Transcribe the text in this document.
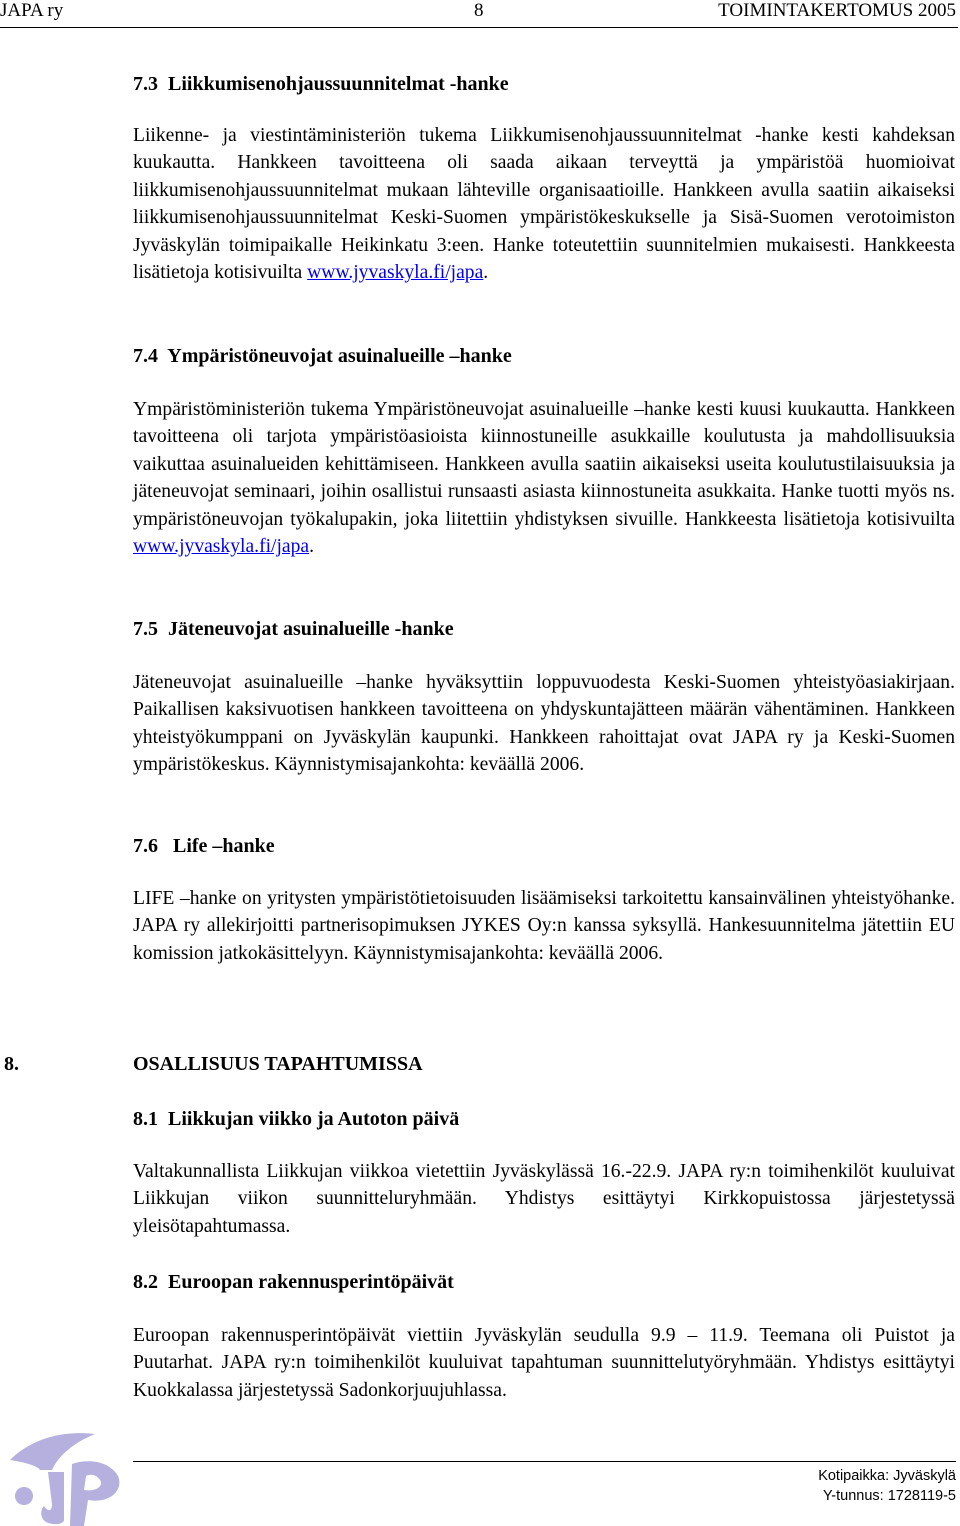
JAPA ry	8	TOIMINTAKERTOMUS 2005
7.3 Liikkumisenohjaussuunnitelmat -hanke
Liikenne- ja viestintäministeriön tukema Liikkumisenohjaussuunnitelmat -hanke kesti kahdeksan kuukautta. Hankkeen tavoitteena oli saada aikaan terveyttä ja ympäristöä huomioivat liikkumisenohjaussuunnitelmat mukaan lähteville organisaatioille. Hankkeen avulla saatiin aikaiseksi liikkumisenohjaussuunnitelmat Keski-Suomen ympäristökeskukselle ja Sisä-Suomen verotoimiston Jyväskylän toimipaikalle Heikinkatu 3:een. Hanke toteutettiin suunnitelmien mukaisesti. Hankkeesta lisätietoja kotisivuilta www.jyvaskyla.fi/japa.
7.4 Ympäristöneuvojat asuinalueille –hanke
Ympäristöministeriön tukema Ympäristöneuvojat asuinalueille –hanke kesti kuusi kuukautta. Hankkeen tavoitteena oli tarjota ympäristöasioista kiinnostuneille asukkaille koulutusta ja mahdollisuuksia vaikuttaa asuinalueiden kehittämiseen. Hankkeen avulla saatiin aikaiseksi useita koulutustilaisuuksia ja jäteneuvojat seminaari, joihin osallistui runsaasti asiasta kiinnostuneita asukkaita. Hanke tuotti myös ns. ympäristöneuvojan työkalupakin, joka liitettiin yhdistyksen sivuille. Hankkeesta lisätietoja kotisivuilta www.jyvaskyla.fi/japa.
7.5 Jäteneuvojat asuinalueille -hanke
Jäteneuvojat asuinalueille –hanke hyväksyttiin loppuvuodesta Keski-Suomen yhteistyöasiakirjaan. Paikallisen kaksivuotisen hankkeen tavoitteena on yhdyskuntajätteen määrän vähentäminen. Hankkeen yhteistyökumppani on Jyväskylän kaupunki. Hankkeen rahoittajat ovat JAPA ry ja Keski-Suomen ympäristökeskus. Käynnistymisajankohta: keväällä 2006.
7.6 Life –hanke
LIFE –hanke on yritysten ympäristötietoisuuden lisäämiseksi tarkoitettu kansainvälinen yhteistyöhanke. JAPA ry allekirjoitti partnerisopimuksen JYKES Oy:n kanssa syksyllä. Hankesuunnitelma jätettiin EU komission jatkokäsittelyyn. Käynnistymisajankohta: keväällä 2006.
8.	OSALLISUUS TAPAHTUMISSA
8.1 Liikkujan viikko ja Autoton päivä
Valtakunnallista Liikkujan viikkoa vietettiin Jyväskylässä 16.-22.9. JAPA ry:n toimihenkilöt kuuluivat Liikkujan viikon suunnitteluryhmään. Yhdistys esittäytyi Kirkkopuistossa järjestetyssä yleisötapahtumassa.
8.2 Euroopan rakennusperintöpäivät
Euroopan rakennusperintöpäivät viettiin Jyväskylän seudulla 9.9 – 11.9. Teemana oli Puistot ja Puutarhat. JAPA ry:n toimihenkilöt kuuluivat tapahtuman suunnittelutyöryhmään. Yhdistys esittäytyi Kuokkalassa järjestetyssä Sadonkorjuujuhlassa.
Kotipaikka: Jyväskylä
Y-tunnus: 1728119-5
